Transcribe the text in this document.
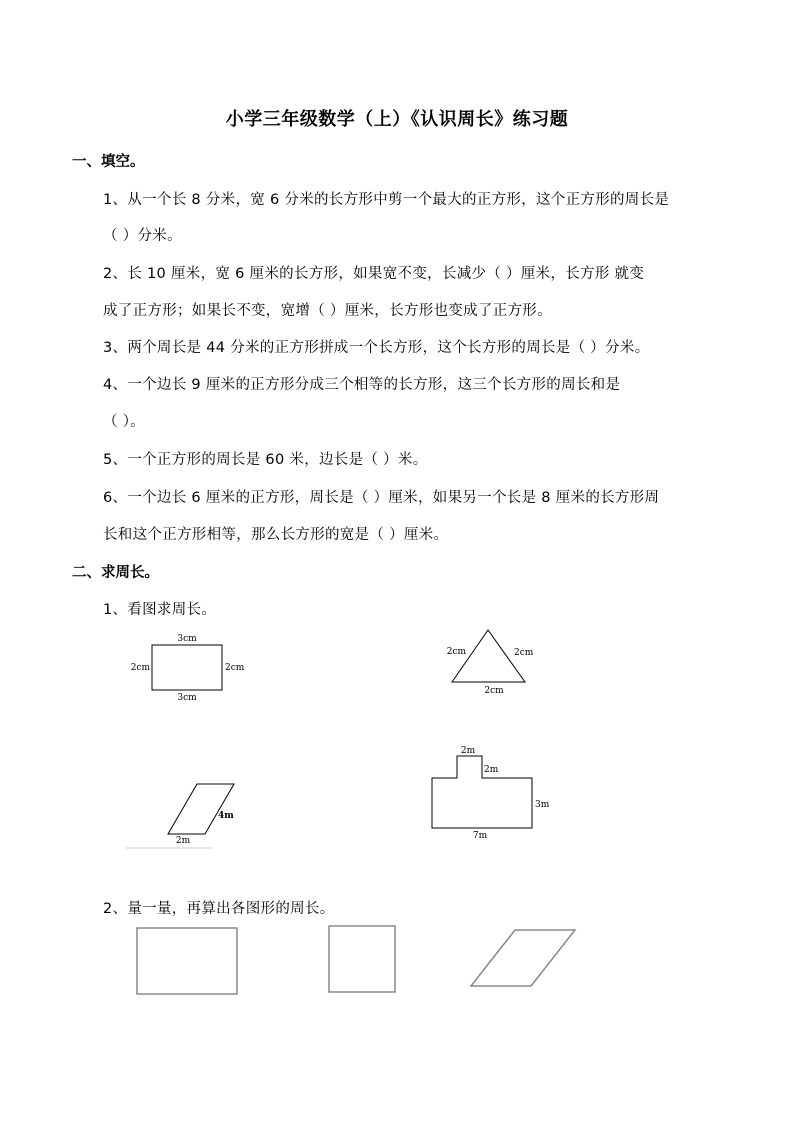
小学三年级数学（上）《认识周长》练习题
一、填空。
1、从一个长 8 分米，宽 6 分米的长方形中剪一个最大的正方形，这个正方形的周长是
（ ）分米。
2、长 10 厘米，宽 6 厘米的长方形，如果宽不变，长减少（ ）厘米，长方形 就变
成了正方形；如果长不变，宽增（ ）厘米，长方形也变成了正方形。
3、两个周长是 44 分米的正方形拼成一个长方形，这个长方形的周长是（ ）分米。
4、一个边长 9 厘米的正方形分成三个相等的长方形，这三个长方形的周长和是
（ ）。
5、一个正方形的周长是 60 米，边长是（ ）米。
6、一个边长 6 厘米的正方形，周长是（ ）厘米，如果另一个长是 8 厘米的长方形周
长和这个正方形相等，那么长方形的宽是（ ）厘米。
二、求周长。
1、看图求周长。
2、量一量，再算出各图形的周长。
3cm
2cm	2cm
3cm
2cm	2cm
2cm
4m
2m
2m
2m
3m
7m
